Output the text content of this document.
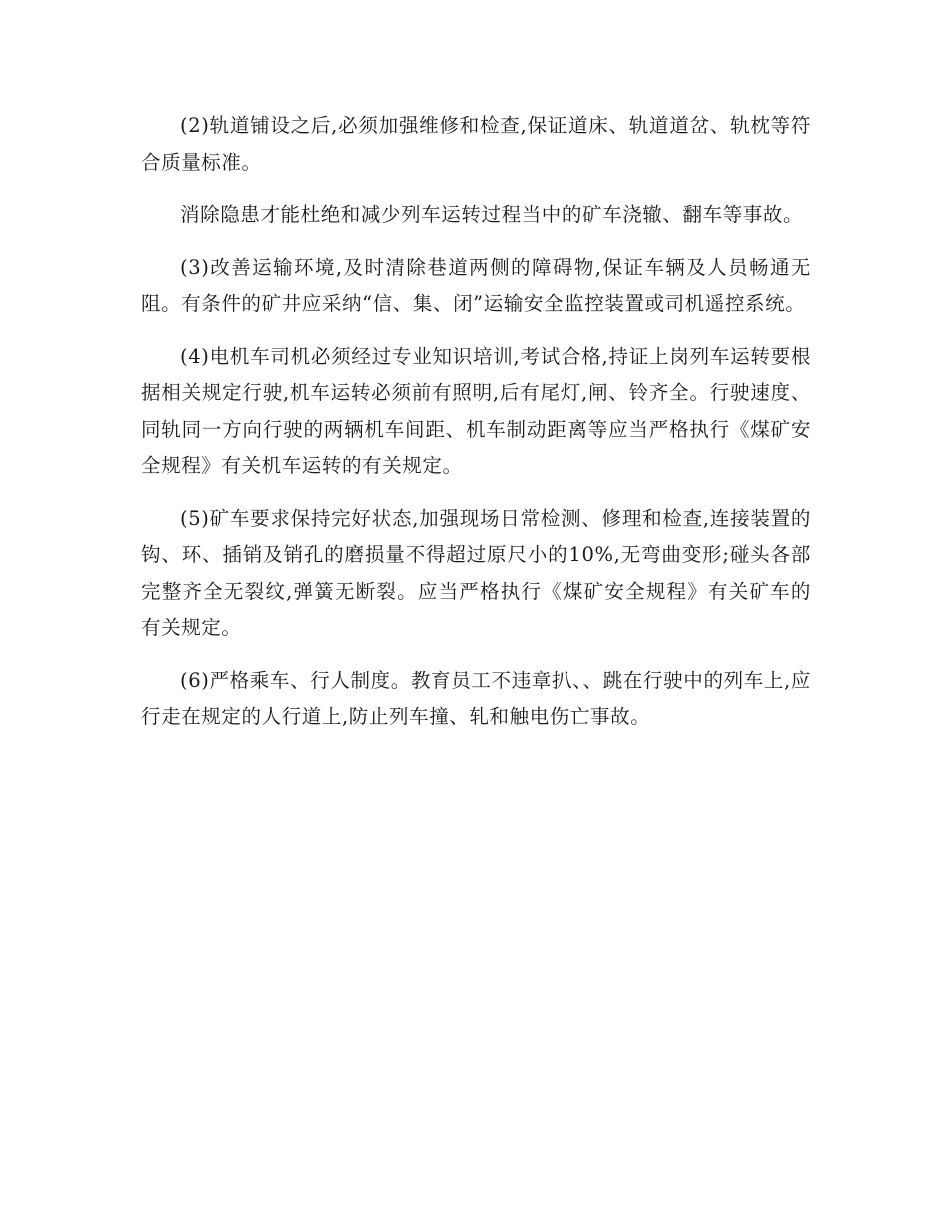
(2)轨道铺设之后,必须加强维修和检查,保证道床、轨道道岔、轨枕等符合质量标准。

消除隐患才能杜绝和减少列车运转过程当中的矿车浇辙、翻车等事故。

(3)改善运输环境,及时清除巷道两侧的障碍物,保证车辆及人员畅通无阻。有条件的矿井应采纳“信、集、闭”运输安全监控装置或司机遥控系统。

(4)电机车司机必须经过专业知识培训,考试合格,持证上岗列车运转要根据相关规定行驶,机车运转必须前有照明,后有尾灯,闸、铃齐全。行驶速度、同轨同一方向行驶的两辆机车间距、机车制动距离等应当严格执行《煤矿安全规程》有关机车运转的有关规定。

(5)矿车要求保持完好状态,加强现场日常检测、修理和检查,连接装置的钩、环、插销及销孔的磨损量不得超过原尺小的10%,无弯曲变形;碰头各部完整齐全无裂纹,弹簧无断裂。应当严格执行《煤矿安全规程》有关矿车的有关规定。

(6)严格乘车、行人制度。教育员工不违章扒、、跳在行驶中的列车上,应行走在规定的人行道上,防止列车撞、轧和触电伤亡事故。
